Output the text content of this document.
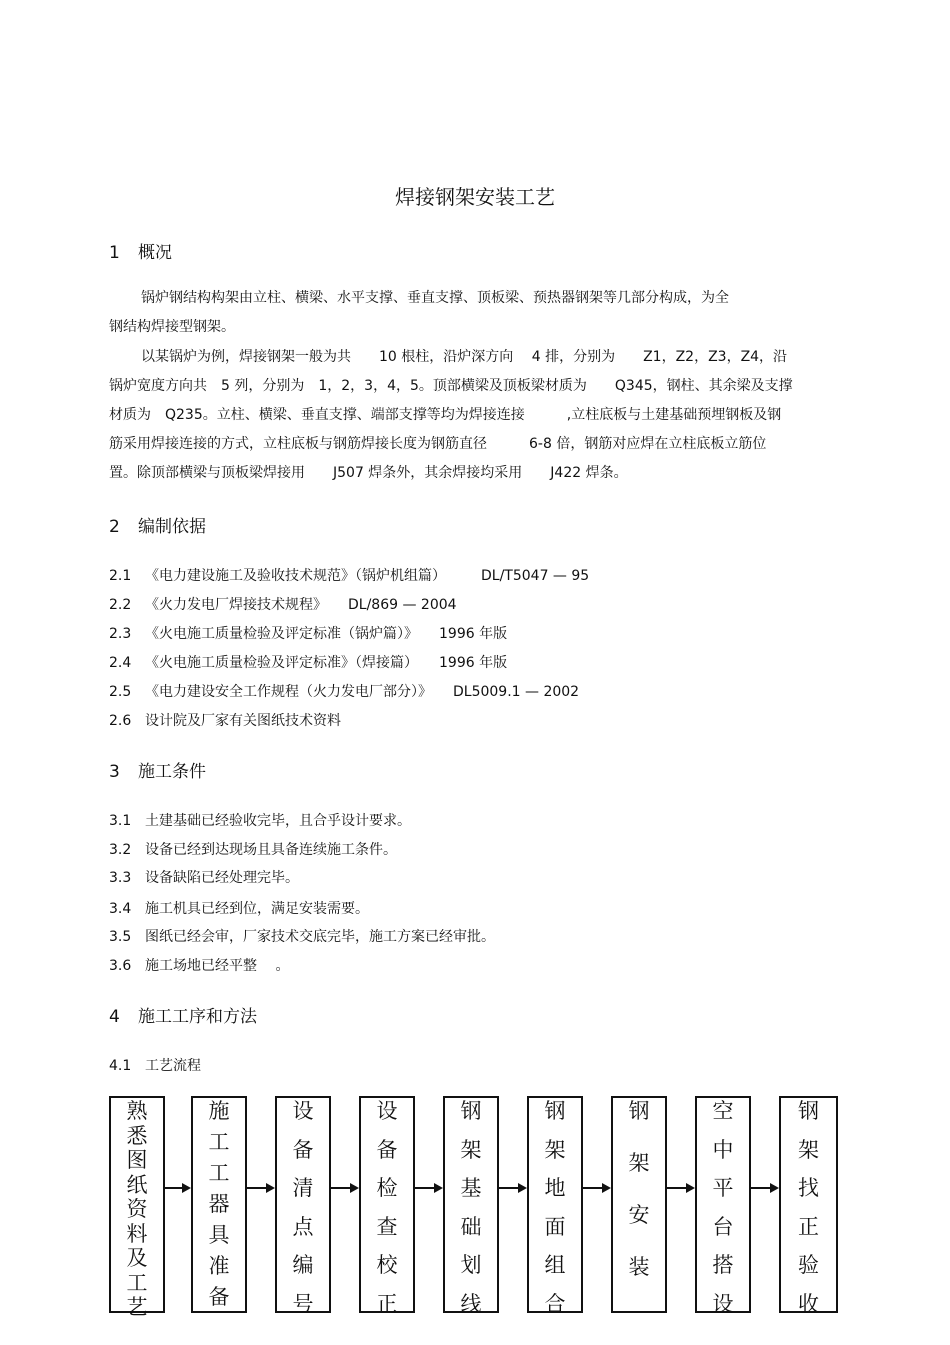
焊接钢架安装工艺
1 概况
锅炉钢结构构架由立柱、横梁、水平支撑、垂直支撑、顶板梁、预热器钢架等几部分构成，为全
钢结构焊接型钢架。
以某锅炉为例，焊接钢架一般为共　　10 根柱，沿炉深方向　 4 排，分别为　　Z1，Z2，Z3，Z4，沿
锅炉宽度方向共　5 列，分别为　1，2，3，4，5。顶部横梁及顶板梁材质为　　Q345，钢柱、其余梁及支撑
材质为　Q235。立柱、横梁、垂直支撑、端部支撑等均为焊接连接　　　,立柱底板与土建基础预埋钢板及钢
筋采用焊接连接的方式，立柱底板与钢筋焊接长度为钢筋直径　　　6-8 倍，钢筋对应焊在立柱底板立筋位
置。除顶部横梁与顶板梁焊接用　　J507 焊条外，其余焊接均采用　　J422 焊条。
2 编制依据
2.1 《电力建设施工及验收技术规范》（锅炉机组篇）　　　DL/T5047 — 95
2.2 《火力发电厂焊接技术规程》　　DL/869 — 2004
2.3 《火电施工质量检验及评定标准（锅炉篇）》　　1996 年版
2.4 《火电施工质量检验及评定标准》（焊接篇）　　1996 年版
2.5 《电力建设安全工作规程（火力发电厂部分）》　　DL5009.1 — 2002
2.6 设计院及厂家有关图纸技术资料
3 施工条件
3.1 土建基础已经验收完毕，且合乎设计要求。
3.2 设备已经到达现场且具备连续施工条件。
3.3 设备缺陷已经处理完毕。
3.4 施工机具已经到位，满足安装需要。
3.5 图纸已经会审，厂家技术交底完毕，施工方案已经审批。
3.6 施工场地已经平整　 。
4 施工工序和方法
4.1 工艺流程
熟
悉
图
纸
资
料
及
工
艺
施
工
工
器
具
准
备
设
备
清
点
编
号
设
备
检
查
校
正
钢
架
基
础
划
线
钢
架
地
面
组
合
钢
架
安
装
空
中
平
台
搭
设
钢
架
找
正
验
收
